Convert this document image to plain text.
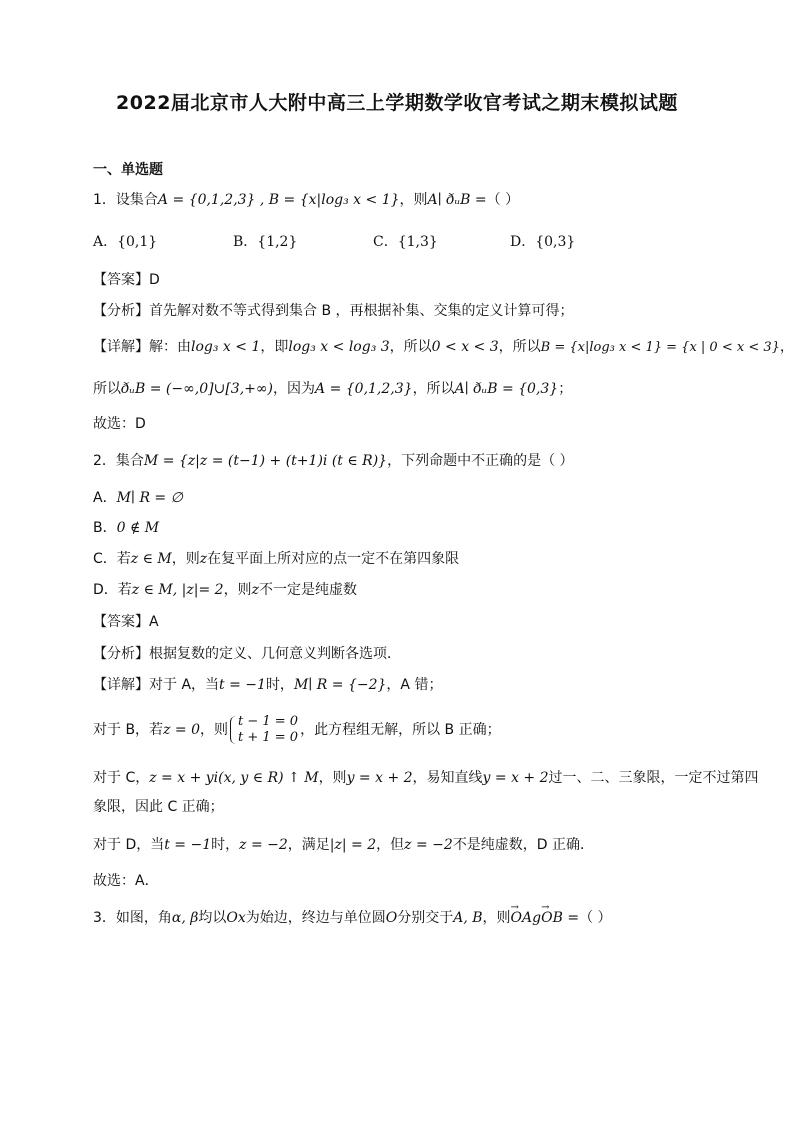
2022届北京市人大附中高三上学期数学收官考试之期末模拟试题
一、单选题
1．设集合A = {0,1,2,3} , B = {x|log₃ x < 1}，则A∣ ðᵤB =（ ）
A．{0,1}	B．{1,2}	C．{1,3}	D．{0,3}
【答案】D
【分析】首先解对数不等式得到集合 B ，再根据补集、交集的定义计算可得；
【详解】解：由log₃ x < 1，即log₃ x < log₃ 3，所以0 < x < 3，所以B = {x|log₃ x < 1} = {x | 0 < x < 3}，
所以ðᵤB = (−∞,0]∪[3,+∞)，因为A = {0,1,2,3}，所以A∣ ðᵤB = {0,3}；
故选：D
2．集合M = {z|z = (t−1) + (t+1)i (t ∈ R)}，下列命题中不正确的是（ ）
A．M∣ R = ∅
B．0 ∉ M
C．若z ∈ M，则z在复平面上所对应的点一定不在第四象限
D．若z ∈ M, |z|= 2，则z不一定是纯虚数
【答案】A
【分析】根据复数的定义、几何意义判断各选项．
【详解】对于 A，当t = −1时，M∣ R = {−2}，A 错；
对于 B，若z = 0，则
t − 1 = 0
t + 1 = 0 ，此方程组无解，所以 B 正确；
对于 C，z = x + yi(x, y ∈ R) ↑ M，则y = x + 2，易知直线y = x + 2过一、二、三象限，一定不过第四
象限，因此 C 正确；
对于 D，当t = −1时，z = −2，满足|z| = 2，但z = −2不是纯虚数，D 正确．
故选：A．
3．如图，角α, β均以Ox为始边，终边与单位圆O分别交于A, B，则→ OAg→ OB =（ ）
